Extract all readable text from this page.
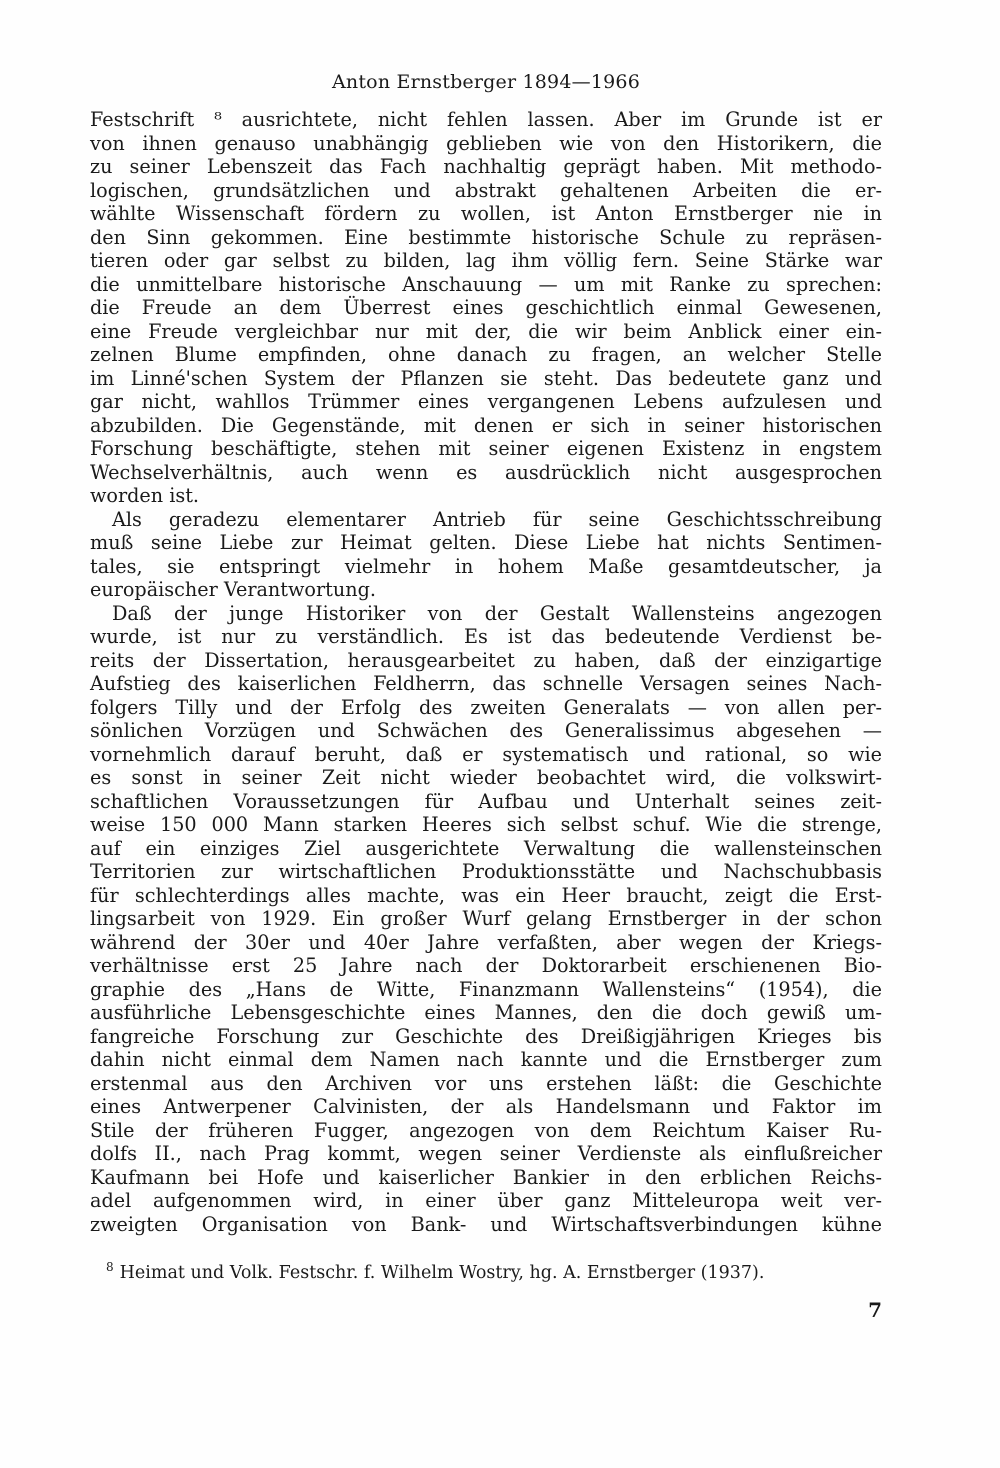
Anton Ernstberger 1894—1966
Festschrift ⁸ ausrichtete, nicht fehlen lassen. Aber im Grunde ist er
von ihnen genauso unabhängig geblieben wie von den Historikern, die
zu seiner Lebenszeit das Fach nachhaltig geprägt haben. Mit methodo-
logischen, grundsätzlichen und abstrakt gehaltenen Arbeiten die er-
wählte Wissenschaft fördern zu wollen, ist Anton Ernstberger nie in
den Sinn gekommen. Eine bestimmte historische Schule zu repräsen-
tieren oder gar selbst zu bilden, lag ihm völlig fern. Seine Stärke war
die unmittelbare historische Anschauung — um mit Ranke zu sprechen:
die Freude an dem Überrest eines geschichtlich einmal Gewesenen,
eine Freude vergleichbar nur mit der, die wir beim Anblick einer ein-
zelnen Blume empfinden, ohne danach zu fragen, an welcher Stelle
im Linné'schen System der Pflanzen sie steht. Das bedeutete ganz und
gar nicht, wahllos Trümmer eines vergangenen Lebens aufzulesen und
abzubilden. Die Gegenstände, mit denen er sich in seiner historischen
Forschung beschäftigte, stehen mit seiner eigenen Existenz in engstem
Wechselverhältnis, auch wenn es ausdrücklich nicht ausgesprochen
worden ist.
Als geradezu elementarer Antrieb für seine Geschichtsschreibung
muß seine Liebe zur Heimat gelten. Diese Liebe hat nichts Sentimen-
tales, sie entspringt vielmehr in hohem Maße gesamtdeutscher, ja
europäischer Verantwortung.
Daß der junge Historiker von der Gestalt Wallensteins angezogen
wurde, ist nur zu verständlich. Es ist das bedeutende Verdienst be-
reits der Dissertation, herausgearbeitet zu haben, daß der einzigartige
Aufstieg des kaiserlichen Feldherrn, das schnelle Versagen seines Nach-
folgers Tilly und der Erfolg des zweiten Generalats — von allen per-
sönlichen Vorzügen und Schwächen des Generalissimus abgesehen —
vornehmlich darauf beruht, daß er systematisch und rational, so wie
es sonst in seiner Zeit nicht wieder beobachtet wird, die volkswirt-
schaftlichen Voraussetzungen für Aufbau und Unterhalt seines zeit-
weise 150 000 Mann starken Heeres sich selbst schuf. Wie die strenge,
auf ein einziges Ziel ausgerichtete Verwaltung die wallensteinschen
Territorien zur wirtschaftlichen Produktionsstätte und Nachschubbasis
für schlechterdings alles machte, was ein Heer braucht, zeigt die Erst-
lingsarbeit von 1929. Ein großer Wurf gelang Ernstberger in der schon
während der 30er und 40er Jahre verfaßten, aber wegen der Kriegs-
verhältnisse erst 25 Jahre nach der Doktorarbeit erschienenen Bio-
graphie des „Hans de Witte, Finanzmann Wallensteins“ (1954), die
ausführliche Lebensgeschichte eines Mannes, den die doch gewiß um-
fangreiche Forschung zur Geschichte des Dreißigjährigen Krieges bis
dahin nicht einmal dem Namen nach kannte und die Ernstberger zum
erstenmal aus den Archiven vor uns erstehen läßt: die Geschichte
eines Antwerpener Calvinisten, der als Handelsmann und Faktor im
Stile der früheren Fugger, angezogen von dem Reichtum Kaiser Ru-
dolfs II., nach Prag kommt, wegen seiner Verdienste als einflußreicher
Kaufmann bei Hofe und kaiserlicher Bankier in den erblichen Reichs-
adel aufgenommen wird, in einer über ganz Mitteleuropa weit ver-
zweigten Organisation von Bank- und Wirtschaftsverbindungen kühne
$^8$ Heimat und Volk. Festschr. f. Wilhelm Wostry, hg. A. Ernstberger (1937).
7
